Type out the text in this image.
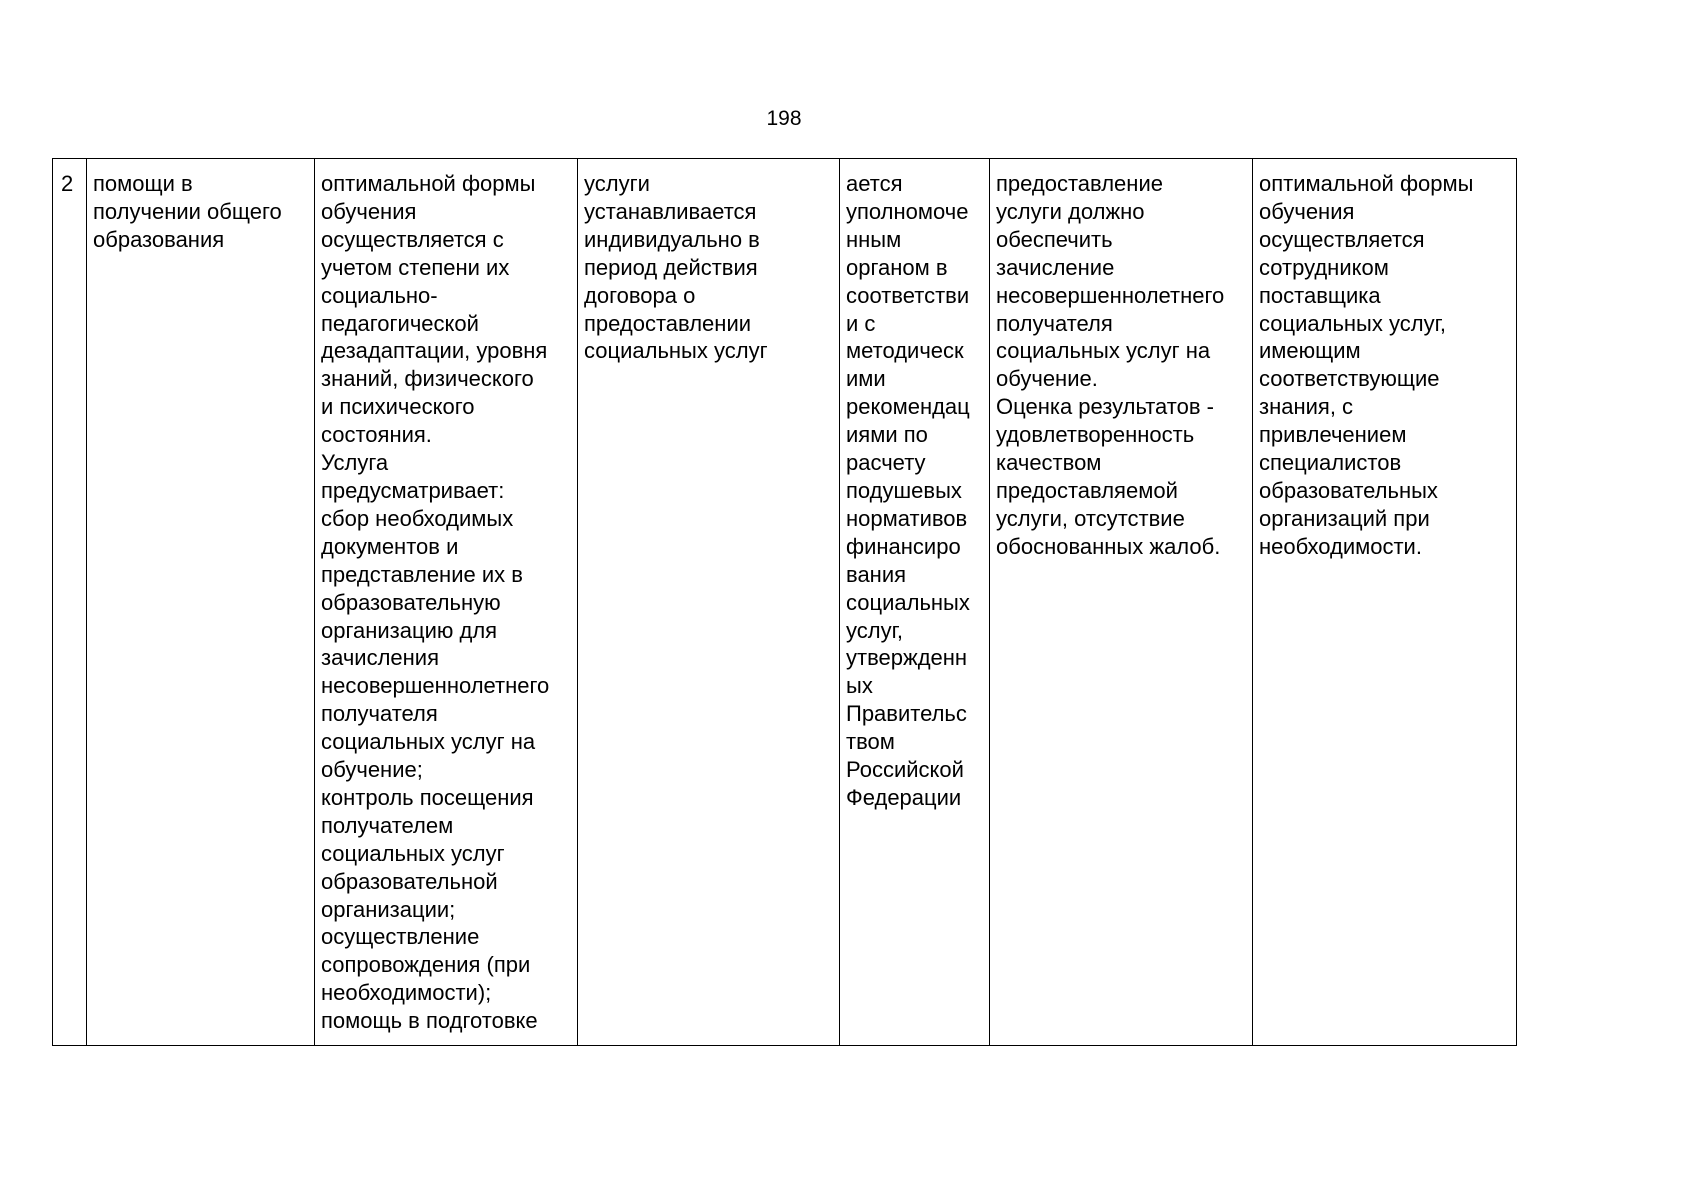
198
2	помощи в
получении общего
образования	оптимальной формы
обучения
осуществляется с
учетом степени их
социально-
педагогической
дезадаптации, уровня
знаний, физического
и психического
состояния.
Услуга
предусматривает:
сбор необходимых
документов и
представление их в
образовательную
организацию для
зачисления
несовершеннолетнего
получателя
социальных услуг на
обучение;
контроль посещения
получателем
социальных услуг
образовательной
организации;
осуществление
сопровождения (при
необходимости);
помощь в подготовке	услуги
устанавливается
индивидуально в
период действия
договора о
предоставлении
социальных услуг	ается
уполномоче
нным
органом в
соответстви
и с
методическ
ими
рекомендац
иями по
расчету
подушевых
нормативов
финансиро
вания
социальных
услуг,
утвержденн
ых
Правительс
твом
Российской
Федерации	предоставление
услуги должно
обеспечить
зачисление
несовершеннолетнего
получателя
социальных услуг на
обучение.
Оценка результатов -
удовлетворенность
качеством
предоставляемой
услуги, отсутствие
обоснованных жалоб.	оптимальной формы
обучения
осуществляется
сотрудником
поставщика
социальных услуг,
имеющим
соответствующие
знания, с
привлечением
специалистов
образовательных
организаций при
необходимости.
